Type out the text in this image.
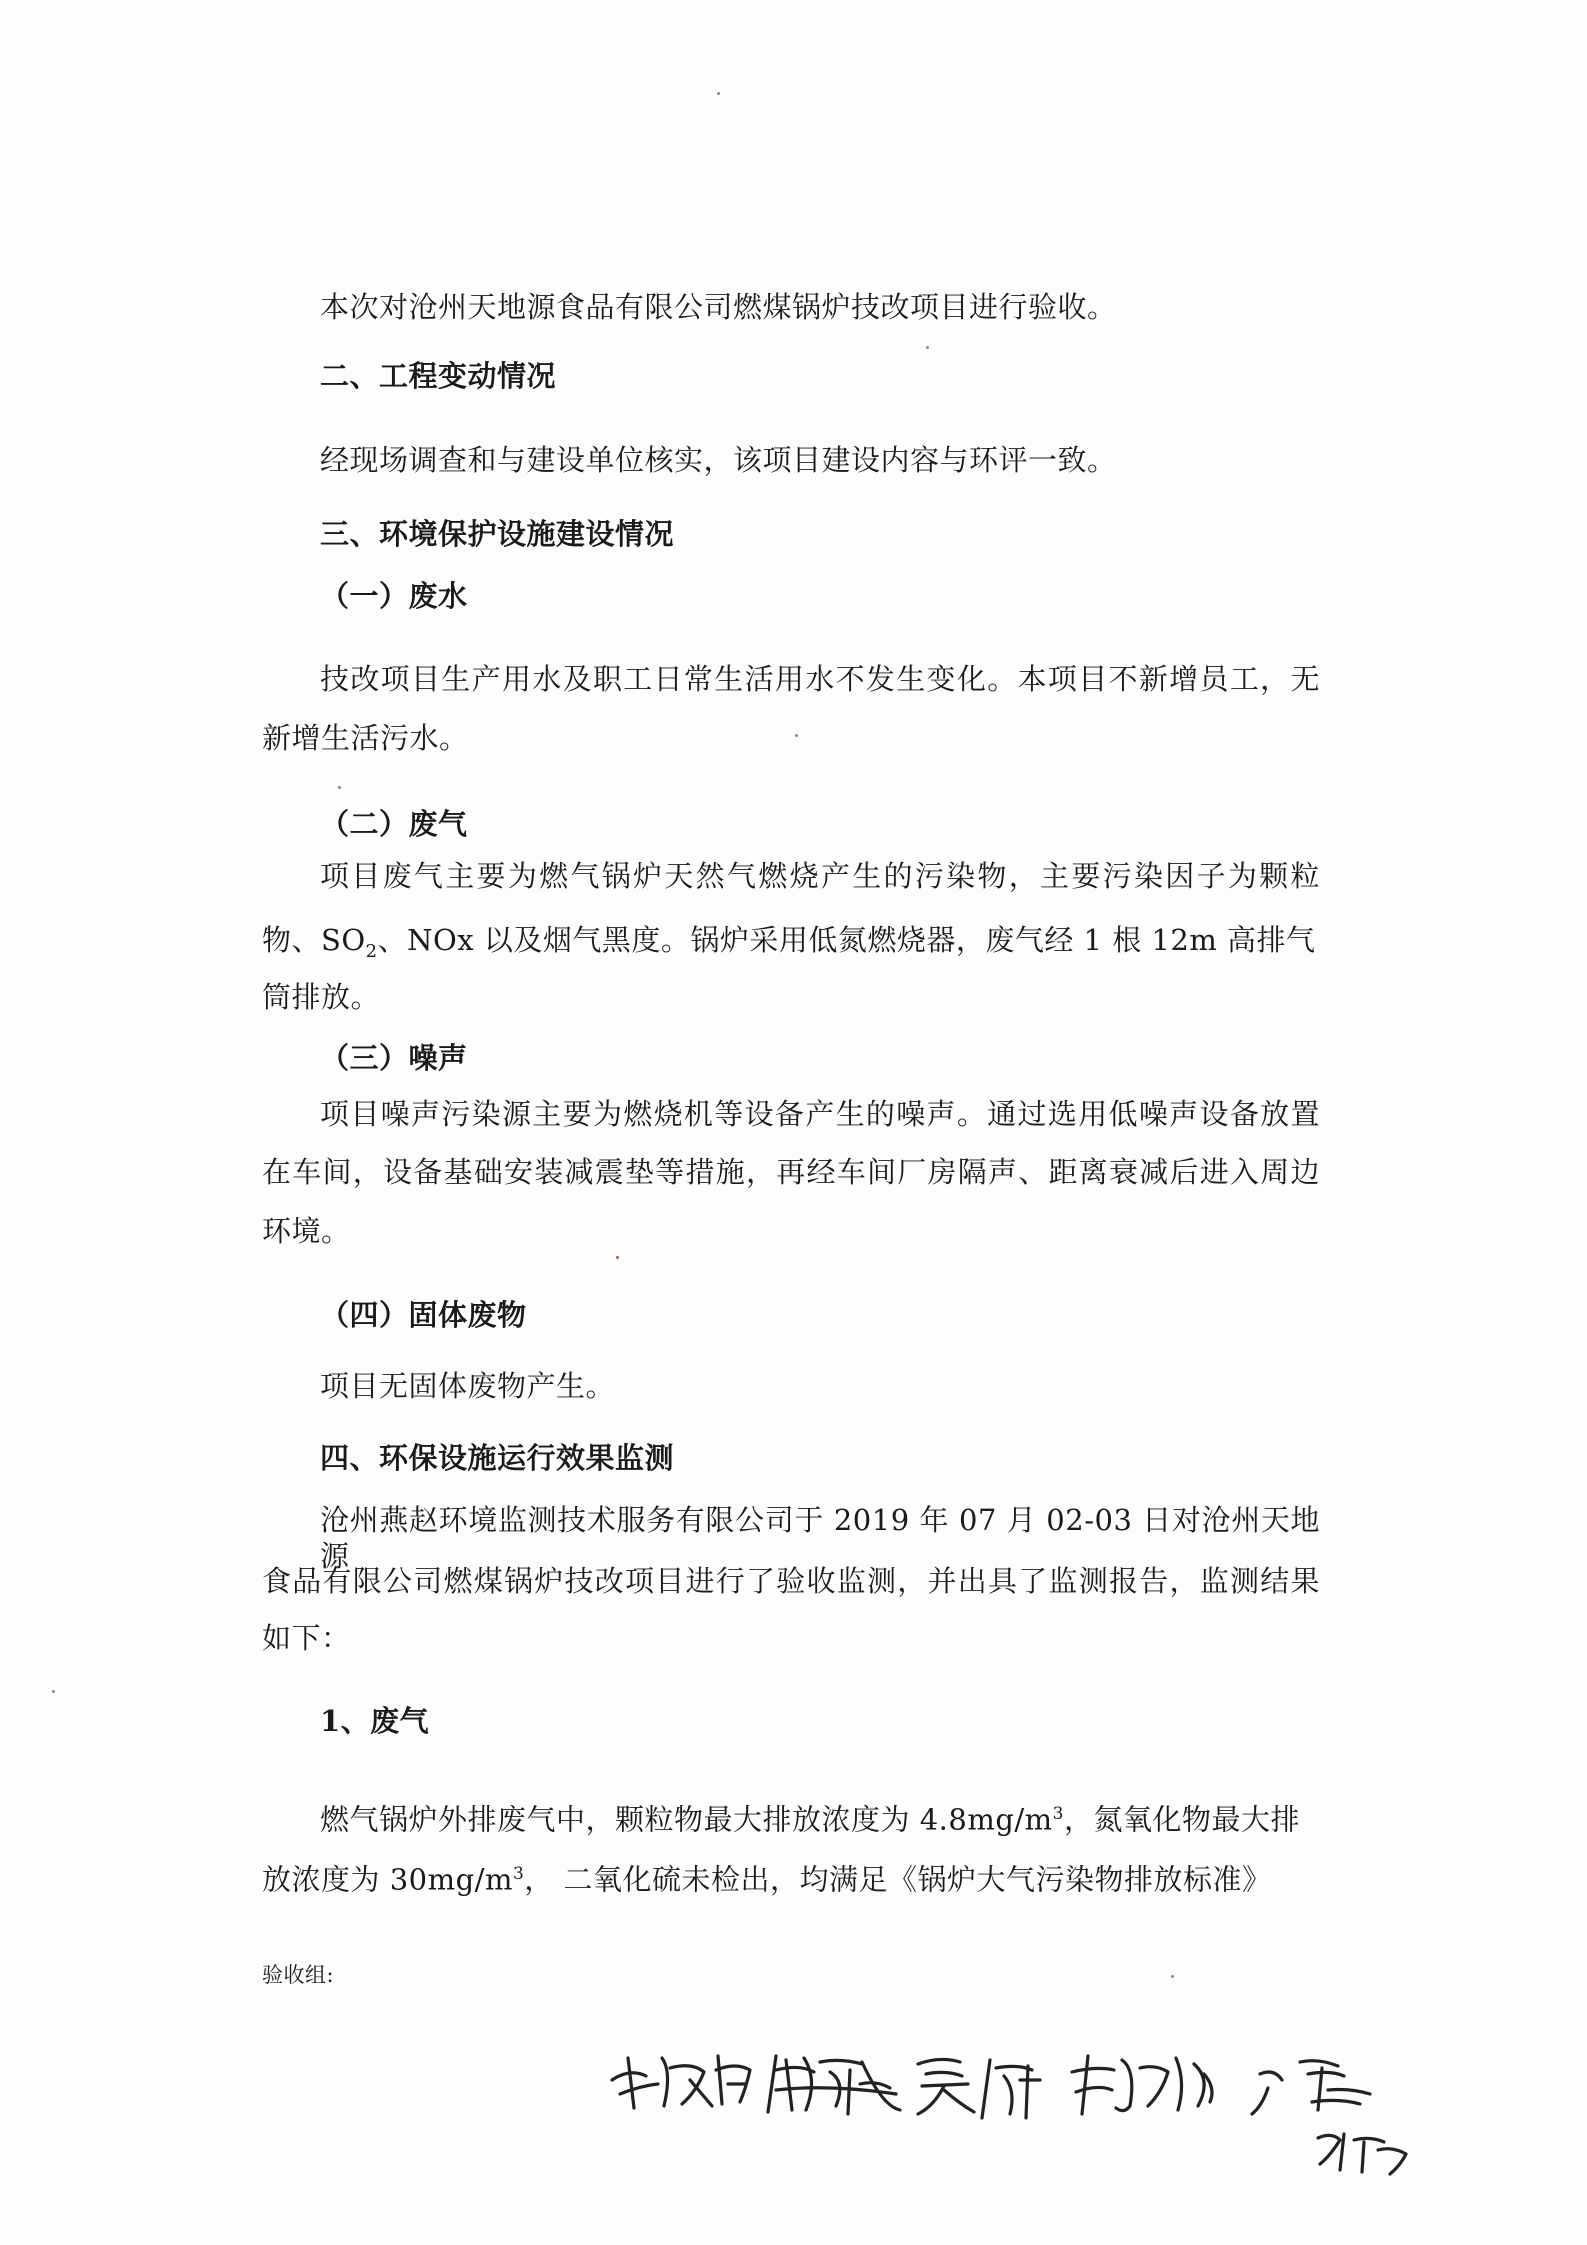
本次对沧州天地源食品有限公司燃煤锅炉技改项目进行验收。
二、工程变动情况
经现场调查和与建设单位核实，该项目建设内容与环评一致。
三、环境保护设施建设情况
（一）废水
技改项目生产用水及职工日常生活用水不发生变化。本项目不新增员工，无
新增生活污水。
（二）废气
项目废气主要为燃气锅炉天然气燃烧产生的污染物，主要污染因子为颗粒
物、$SO_2$、NOx 以及烟气黑度。锅炉采用低氮燃烧器，废气经 1 根 12m 高排气
筒排放。
（三）噪声
项目噪声污染源主要为燃烧机等设备产生的噪声。通过选用低噪声设备放置
在车间，设备基础安装减震垫等措施，再经车间厂房隔声、距离衰减后进入周边
环境。
（四）固体废物
项目无固体废物产生。
四、环保设施运行效果监测
沧州燕赵环境监测技术服务有限公司于 2019 年 07 月 02-03 日对沧州天地源
食品有限公司燃煤锅炉技改项目进行了验收监测，并出具了监测报告，监测结果
如下：
1、废气
燃气锅炉外排废气中，颗粒物最大排放浓度为 $4.8mg/m^3$，氮氧化物最大排
放浓度为 $30mg/m^3$， 二氧化硫未检出，均满足《锅炉大气污染物排放标准》
验收组:
